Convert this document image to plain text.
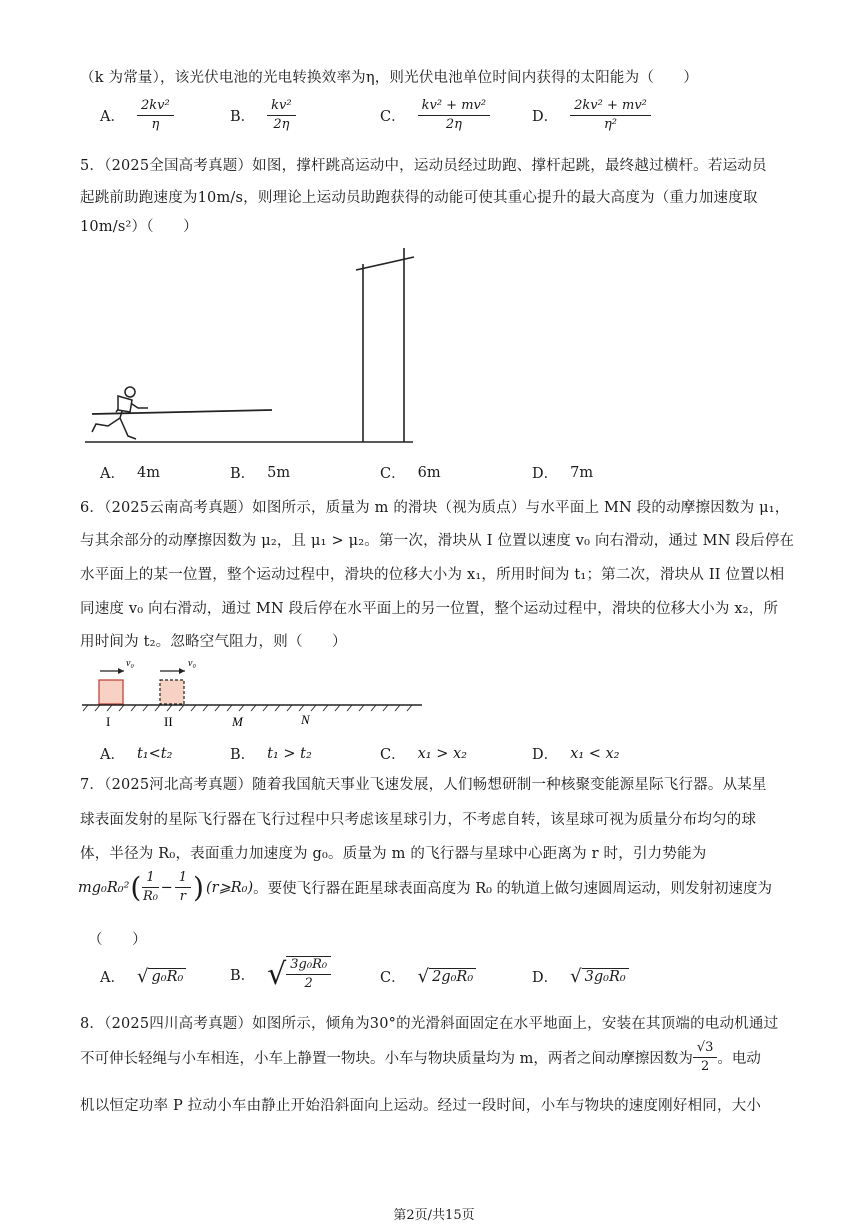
（k 为常量），该光伏电池的光电转换效率为η，则光伏电池单位时间内获得的太阳能为（　　）
A． $\frac{\text{2kv²}}{\eta}$	B． $\frac{\text{kv²}}{2\eta}$	C． $\frac{\text{kv² + mv²}}{2\eta}$	D． $\frac{\text{2kv² + mv²}}{\text{η²}}$
5．（2025全国高考真题）如图，撑杆跳高运动中，运动员经过助跑、撑杆起跳，最终越过横杆。若运动员
起跳前助跑速度为10m/s，则理论上运动员助跑获得的动能可使其重心提升的最大高度为（重力加速度取
10m/s²）（　　）
A． 4m	B． 5m	C． 6m	D． 7m
6．（2025云南高考真题）如图所示，质量为 m 的滑块（视为质点）与水平面上 MN 段的动摩擦因数为 μ₁，
与其余部分的动摩擦因数为 μ₂，且 μ₁ > μ₂。第一次，滑块从 I 位置以速度 v₀ 向右滑动，通过 MN 段后停在
水平面上的某一位置，整个运动过程中，滑块的位移大小为 x₁，所用时间为 t₁；第二次，滑块从 II 位置以相
同速度 v₀ 向右滑动，通过 MN 段后停在水平面上的另一位置，整个运动过程中，滑块的位移大小为 x₂，所
用时间为 t₂。忽略空气阻力，则（　　）
v₀	v₀
I	II	M	N
A． t₁<t₂	B． t₁ > t₂	C． x₁ > x₂	D． x₁ < x₂
7．（2025河北高考真题）随着我国航天事业飞速发展，人们畅想研制一种核聚变能源星际飞行器。从某星
球表面发射的星际飞行器在飞行过程中只考虑该星球引力，不考虑自转，该星球可视为质量分布均匀的球
体，半径为 R₀，表面重力加速度为 g₀。质量为 m 的飞行器与星球中心距离为 r 时，引力势能为
mg₀R₀² ( $\frac{1}{\text{R₀}} - \frac{1}{r}$ ) (r⩾R₀) 。要使飞行器在距星球表面高度为 R₀ 的轨道上做匀速圆周运动，则发射初速度为
（　　）
A． √ g₀R₀	B． √ $\frac{\text{3g₀R₀}}{2}$	C． √ 2g₀R₀	D． √ 3g₀R₀
8．（2025四川高考真题）如图所示，倾角为30°的光滑斜面固定在水平地面上，安装在其顶端的电动机通过
不可伸长轻绳与小车相连，小车上静置一物块。小车与物块质量均为 m，两者之间动摩擦因数为 $\frac{√3}{2}$ 。电动
机以恒定功率 P 拉动小车由静止开始沿斜面向上运动。经过一段时间，小车与物块的速度刚好相同，大小
第2页/共15页
